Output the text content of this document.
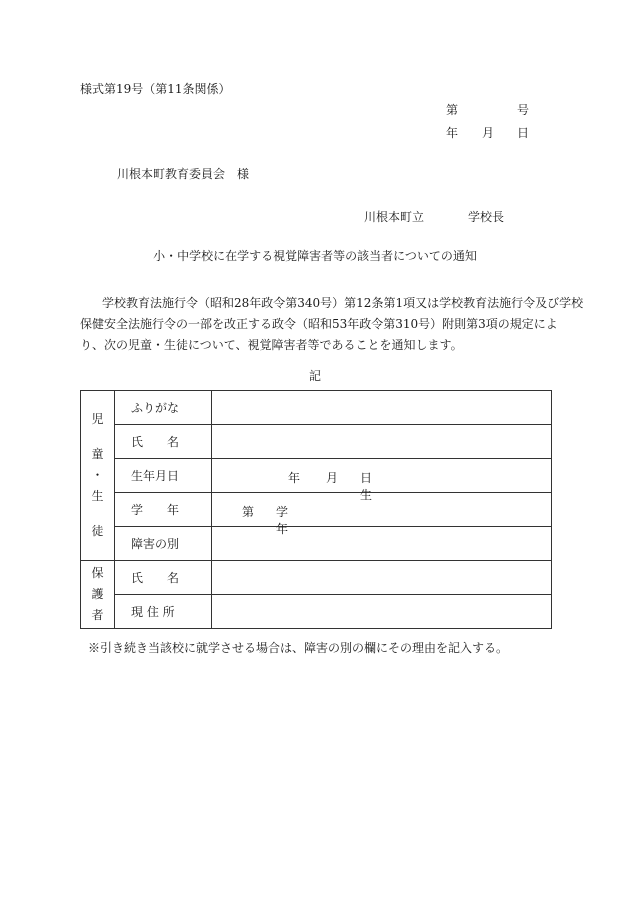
様式第19号（第11条関係）
第	号
年 月 日
川根本町教育委員会　様
川根本町立	学校長
小・中学校に在学する視覚障害者等の該当者についての通知

学校教育法施行令（昭和28年政令第340号）第12条第1項又は学校教育法施行令及び学校

保健安全法施行令の一部を改正する政令（昭和53年政令第310号）附則第3項の規定によ

り、次の児童・生徒について、視覚障害者等であることを通知します。

記
児
童
・
生
徒	ふりがな	
	氏名	
	生年月日	年 月 日生

	学年	第 学年

	障害の別	

保
護
者	氏名	
	現 住 所	
※引き続き当該校に就学させる場合は、障害の別の欄にその理由を記入する。
